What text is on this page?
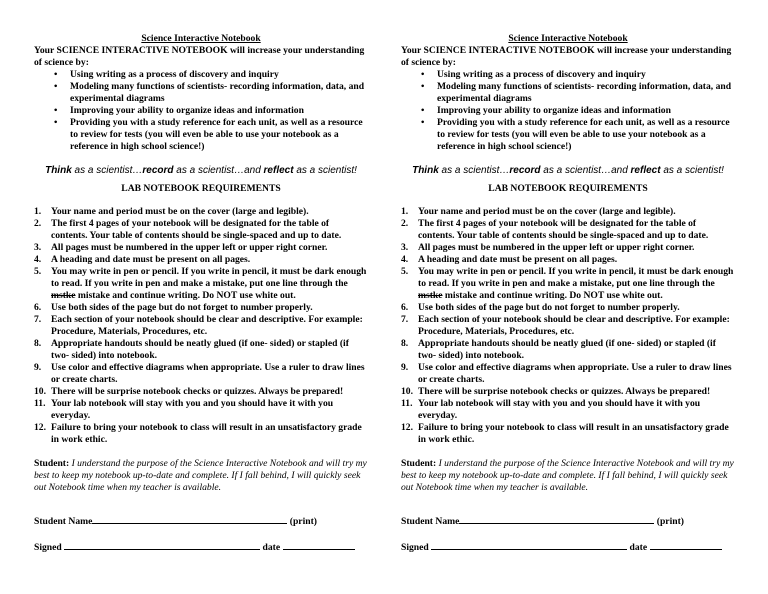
Science Interactive Notebook

Your SCIENCE INTERACTIVE NOTEBOOK will increase your understanding of science by:

• Using writing as a process of discovery and inquiry
• Modeling many functions of scientists- recording information, data, and experimental diagrams
• Improving your ability to organize ideas and information
• Providing you with a study reference for each unit, as well as a resource to review for tests (you will even be able to use your notebook as a reference in high school science!)

Think as a scientist…record as a scientist…and reflect as a scientist!

LAB NOTEBOOK REQUIREMENTS

1. Your name and period must be on the cover (large and legible).
2. The first 4 pages of your notebook will be designated for the table of contents. Your table of contents should be single-spaced and up to date.
3. All pages must be numbered in the upper left or upper right corner.
4. A heading and date must be present on all pages.
5. You may write in pen or pencil. If you write in pencil, it must be dark enough to read. If you write in pen and make a mistake, put one line through the mstke mistake and continue writing. Do NOT use white out.
6. Use both sides of the page but do not forget to number properly.
7. Each section of your notebook should be clear and descriptive. For example: Procedure, Materials, Procedures, etc.
8. Appropriate handouts should be neatly glued (if one- sided) or stapled (if two- sided) into notebook.
9. Use color and effective diagrams when appropriate. Use a ruler to draw lines or create charts.
10. There will be surprise notebook checks or quizzes. Always be prepared!
11. Your lab notebook will stay with you and you should have it with you everyday.
12. Failure to bring your notebook to class will result in an unsatisfactory grade in work ethic.

Student: I understand the purpose of the Science Interactive Notebook and will try my best to keep my notebook up-to-date and complete. If I fall behind, I will quickly seek out Notebook time when my teacher is available.

Student Name	(print)
Signed	date

Science Interactive Notebook

Your SCIENCE INTERACTIVE NOTEBOOK will increase your understanding of science by:

• Using writing as a process of discovery and inquiry
• Modeling many functions of scientists- recording information, data, and experimental diagrams
• Improving your ability to organize ideas and information
• Providing you with a study reference for each unit, as well as a resource to review for tests (you will even be able to use your notebook as a reference in high school science!)

Think as a scientist…record as a scientist…and reflect as a scientist!

LAB NOTEBOOK REQUIREMENTS

1. Your name and period must be on the cover (large and legible).
2. The first 4 pages of your notebook will be designated for the table of contents. Your table of contents should be single-spaced and up to date.
3. All pages must be numbered in the upper left or upper right corner.
4. A heading and date must be present on all pages.
5. You may write in pen or pencil. If you write in pencil, it must be dark enough to read. If you write in pen and make a mistake, put one line through the mstke mistake and continue writing. Do NOT use white out.
6. Use both sides of the page but do not forget to number properly.
7. Each section of your notebook should be clear and descriptive. For example: Procedure, Materials, Procedures, etc.
8. Appropriate handouts should be neatly glued (if one- sided) or stapled (if two- sided) into notebook.
9. Use color and effective diagrams when appropriate. Use a ruler to draw lines or create charts.
10. There will be surprise notebook checks or quizzes. Always be prepared!
11. Your lab notebook will stay with you and you should have it with you everyday.
12. Failure to bring your notebook to class will result in an unsatisfactory grade in work ethic.

Student: I understand the purpose of the Science Interactive Notebook and will try my best to keep my notebook up-to-date and complete. If I fall behind, I will quickly seek out Notebook time when my teacher is available.

Student Name	(print)
Signed	date
